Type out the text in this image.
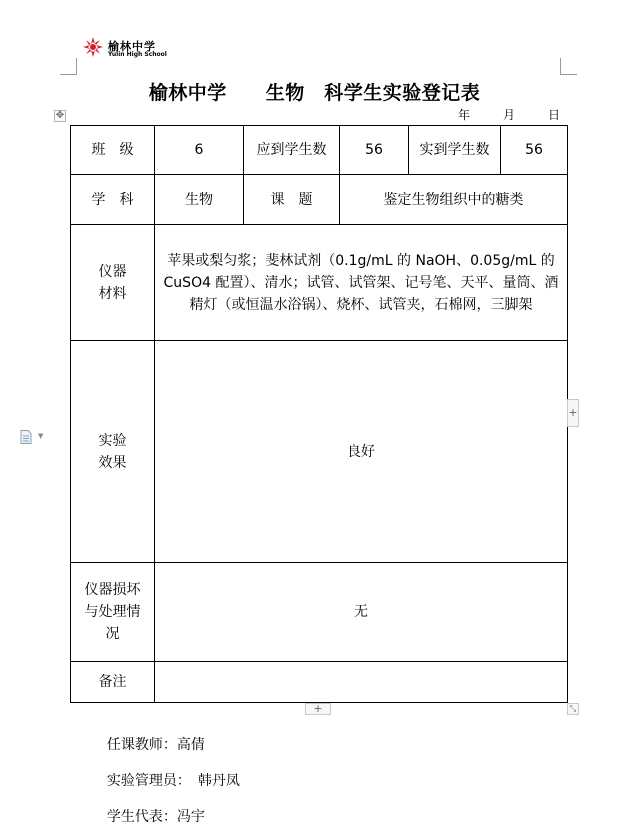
榆林中学
Yulin High School
榆林中学　　生物　科学生实验登记表
年	月	日
✥
班　级	6	应到学生数	56	实到学生数	56
学　科	生物	课　题	鉴定生物组织中的糖类		
仪器材料	苹果或梨匀浆；斐林试剂（0.1g/mL 的 NaOH、0.05g/mL 的 CuSO4 配置）、清水；试管、试管架、记号笔、天平、量筒、酒精灯（或恒温水浴锅）、烧杯、试管夹，石棉网，三脚架				
实验效果	良好				
仪器损坏与处理情况	无				
备注					
+
+	⤡
▼

任课教师：高倩

实验管理员：　韩丹凤

学生代表：冯宇
